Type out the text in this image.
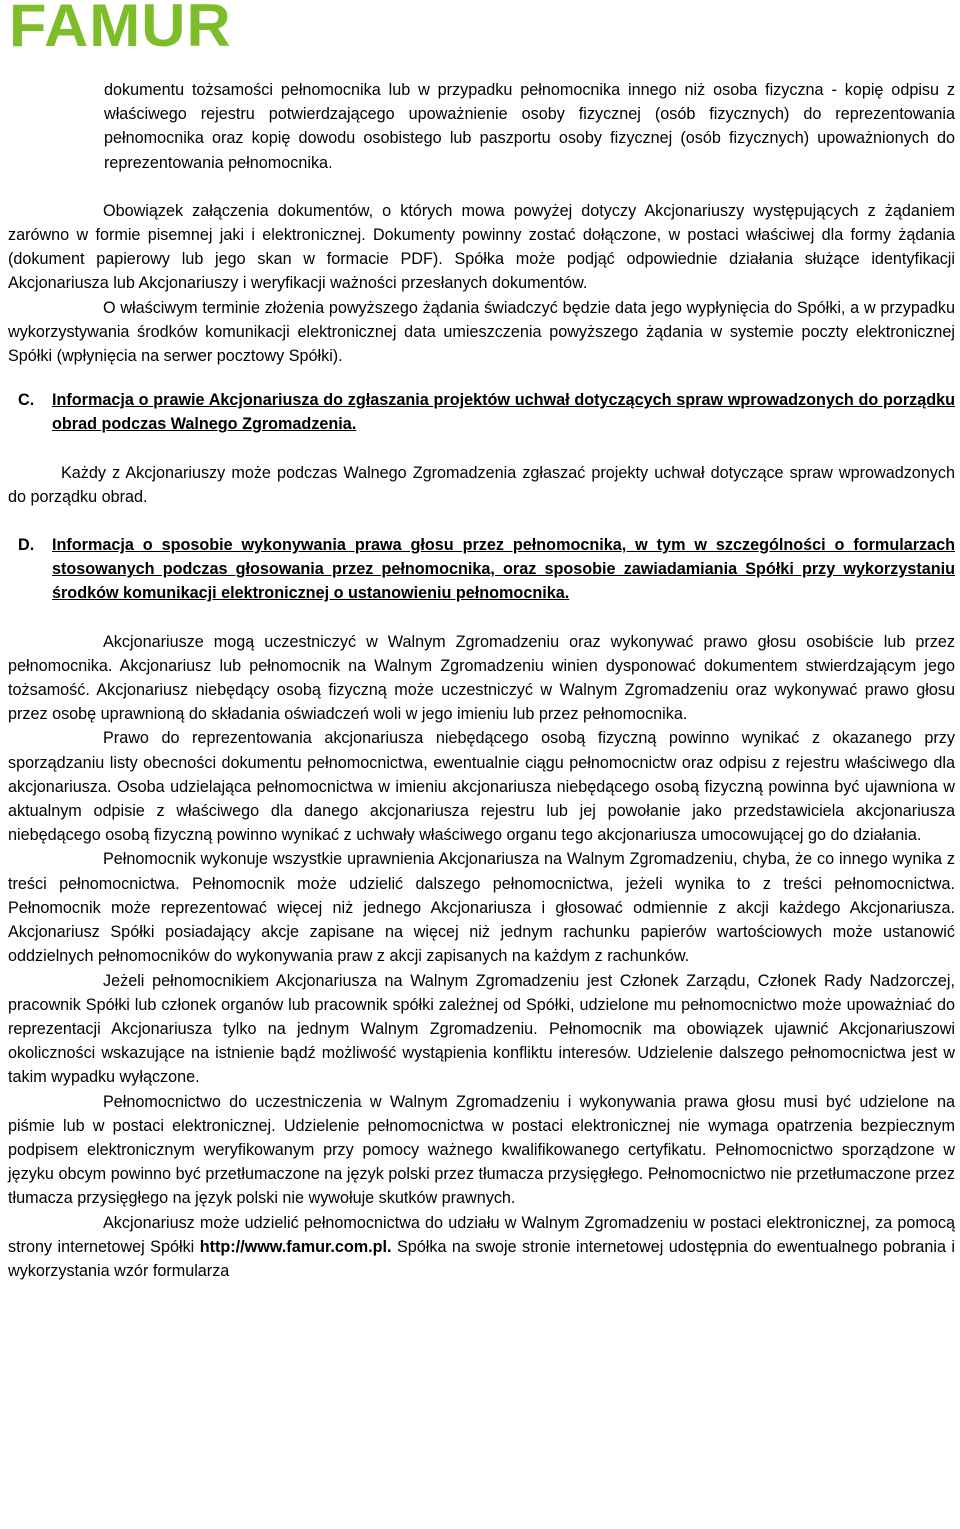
FAMUR

dokumentu tożsamości pełnomocnika lub w przypadku pełnomocnika innego niż osoba fizyczna - kopię odpisu z właściwego rejestru potwierdzającego upoważnienie osoby fizycznej (osób fizycznych) do reprezentowania pełnomocnika oraz kopię dowodu osobistego lub paszportu osoby fizycznej (osób fizycznych) upoważnionych do reprezentowania pełnomocnika.

Obowiązek załączenia dokumentów, o których mowa powyżej dotyczy Akcjonariuszy występujących z żądaniem zarówno w formie pisemnej jaki i elektronicznej. Dokumenty powinny zostać dołączone, w postaci właściwej dla formy żądania (dokument papierowy lub jego skan w formacie PDF). Spółka może podjąć odpowiednie działania służące identyfikacji Akcjonariusza lub Akcjonariuszy i weryfikacji ważności przesłanych dokumentów.

O właściwym terminie złożenia powyższego żądania świadczyć będzie data jego wypłynięcia do Spółki, a w przypadku wykorzystywania środków komunikacji elektronicznej data umieszczenia powyższego żądania w systemie poczty elektronicznej Spółki (wpłynięcia na serwer pocztowy Spółki).

C.	Informacja o prawie Akcjonariusza do zgłaszania projektów uchwał dotyczących spraw wprowadzonych do porządku obrad podczas Walnego Zgromadzenia.

Każdy z Akcjonariuszy może podczas Walnego Zgromadzenia zgłaszać projekty uchwał dotyczące spraw wprowadzonych do porządku obrad.

D.	Informacja o sposobie wykonywania prawa głosu przez pełnomocnika, w tym w szczególności o formularzach stosowanych podczas głosowania przez pełnomocnika, oraz sposobie zawiadamiania Spółki przy wykorzystaniu środków komunikacji elektronicznej o ustanowieniu pełnomocnika.

Akcjonariusze mogą uczestniczyć w Walnym Zgromadzeniu oraz wykonywać prawo głosu osobiście lub przez pełnomocnika. Akcjonariusz lub pełnomocnik na Walnym Zgromadzeniu winien dysponować dokumentem stwierdzającym jego tożsamość. Akcjonariusz niebędący osobą fizyczną może uczestniczyć w Walnym Zgromadzeniu oraz wykonywać prawo głosu przez osobę uprawnioną do składania oświadczeń woli w jego imieniu lub przez pełnomocnika.

Prawo do reprezentowania akcjonariusza niebędącego osobą fizyczną powinno wynikać z okazanego przy sporządzaniu listy obecności dokumentu pełnomocnictwa, ewentualnie ciągu pełnomocnictw oraz odpisu z rejestru właściwego dla akcjonariusza. Osoba udzielająca pełnomocnictwa w imieniu akcjonariusza niebędącego osobą fizyczną powinna być ujawniona w aktualnym odpisie z właściwego dla danego akcjonariusza rejestru lub jej powołanie jako przedstawiciela akcjonariusza niebędącego osobą fizyczną powinno wynikać z uchwały właściwego organu tego akcjonariusza umocowującej go do działania.

Pełnomocnik wykonuje wszystkie uprawnienia Akcjonariusza na Walnym Zgromadzeniu, chyba, że co innego wynika z treści pełnomocnictwa. Pełnomocnik może udzielić dalszego pełnomocnictwa, jeżeli wynika to z treści pełnomocnictwa. Pełnomocnik może reprezentować więcej niż jednego Akcjonariusza i głosować odmiennie z akcji każdego Akcjonariusza. Akcjonariusz Spółki posiadający akcje zapisane na więcej niż jednym rachunku papierów wartościowych może ustanowić oddzielnych pełnomocników do wykonywania praw z akcji zapisanych na każdym z rachunków.

Jeżeli pełnomocnikiem Akcjonariusza na Walnym Zgromadzeniu jest Członek Zarządu, Członek Rady Nadzorczej, pracownik Spółki lub członek organów lub pracownik spółki zależnej od Spółki, udzielone mu pełnomocnictwo może upoważniać do reprezentacji Akcjonariusza tylko na jednym Walnym Zgromadzeniu. Pełnomocnik ma obowiązek ujawnić Akcjonariuszowi okoliczności wskazujące na istnienie bądź możliwość wystąpienia konfliktu interesów. Udzielenie dalszego pełnomocnictwa jest w takim wypadku wyłączone.

Pełnomocnictwo do uczestniczenia w Walnym Zgromadzeniu i wykonywania prawa głosu musi być udzielone na piśmie lub w postaci elektronicznej. Udzielenie pełnomocnictwa w postaci elektronicznej nie wymaga opatrzenia bezpiecznym podpisem elektronicznym weryfikowanym przy pomocy ważnego kwalifikowanego certyfikatu. Pełnomocnictwo sporządzone w języku obcym powinno być przetłumaczone na język polski przez tłumacza przysięgłego. Pełnomocnictwo nie przetłumaczone przez tłumacza przysięgłego na język polski nie wywołuje skutków prawnych.

Akcjonariusz może udzielić pełnomocnictwa do udziału w Walnym Zgromadzeniu w postaci elektronicznej, za pomocą strony internetowej Spółki http://www.famur.com.pl. Spółka na swoje stronie internetowej udostępnia do ewentualnego pobrania i wykorzystania wzór formularza
